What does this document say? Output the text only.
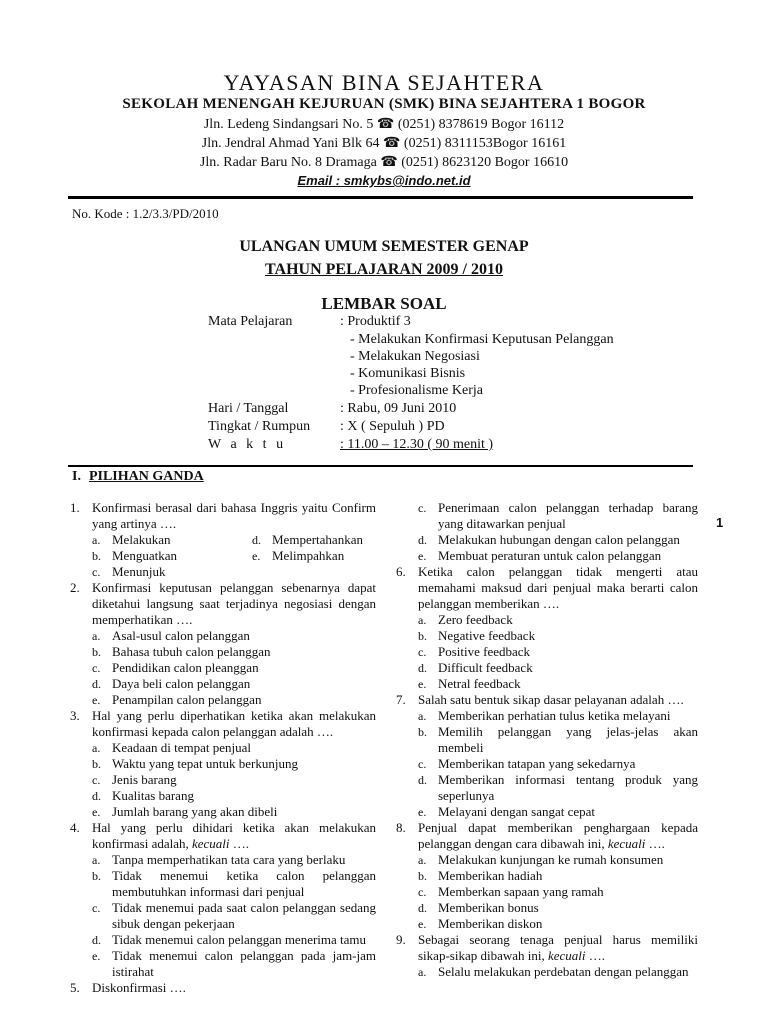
YAYASAN BINA SEJAHTERA
SEKOLAH MENENGAH KEJURUAN (SMK) BINA SEJAHTERA 1 BOGOR
Jln. Ledeng Sindangsari No. 5 ☎ (0251) 8378619 Bogor 16112
Jln. Jendral Ahmad Yani Blk 64 ☎ (0251) 8311153Bogor 16161
Jln. Radar Baru No. 8 Dramaga ☎ (0251) 8623120 Bogor 16610
Email : smkybs@indo.net.id
No. Kode : 1.2/3.3/PD/2010
ULANGAN UMUM SEMESTER GENAP
TAHUN PELAJARAN 2009 / 2010
LEMBAR SOAL
Mata Pelajaran	: Produktif 3
- Melakukan Konfirmasi Keputusan Pelanggan
- Melakukan Negosiasi
- Komunikasi Bisnis
- Profesionalisme Kerja
Hari / Tanggal	: Rabu, 09 Juni 2010
Tingkat / Rumpun : X ( Sepuluh ) PD
W a k t u	: 11.00 – 12.30 ( 90 menit )
I. PILIHAN GANDA
1
1. Konfirmasi berasal dari bahasa Inggris yaitu Confirm yang artinya ….
a. Melakukan	d. Mempertahankan
b. Menguatkan	e. Melimpahkan
c. Menunjuk
2. Konfirmasi keputusan pelanggan sebenarnya dapat diketahui langsung saat terjadinya negosiasi dengan memperhatikan ….
a. Asal-usul calon pelanggan
b. Bahasa tubuh calon pelanggan
c. Pendidikan calon pleanggan
d. Daya beli calon pelanggan
e. Penampilan calon pelanggan
3. Hal yang perlu diperhatikan ketika akan melakukan konfirmasi kepada calon pelanggan adalah ….
a. Keadaan di tempat penjual
b. Waktu yang tepat untuk berkunjung
c. Jenis barang
d. Kualitas barang
e. Jumlah barang yang akan dibeli
4. Hal yang perlu dihidari ketika akan melakukan konfirmasi adalah, kecuali ….
a. Tanpa memperhatikan tata cara yang berlaku
b. Tidak menemui ketika calon pelanggan membutuhkan informasi dari penjual
c. Tidak menemui pada saat calon pelanggan sedang sibuk dengan pekerjaan
d. Tidak menemui calon pelanggan menerima tamu
e. Tidak menemui calon pelanggan pada jam-jam istirahat
5. Diskonfirmasi ….
c. Penerimaan calon pelanggan terhadap barang yang ditawarkan penjual
d. Melakukan hubungan dengan calon pelanggan
e. Membuat peraturan untuk calon pelanggan
6. Ketika calon pelanggan tidak mengerti atau memahami maksud dari penjual maka berarti calon pelanggan memberikan ….
a. Zero feedback
b. Negative feedback
c. Positive feedback
d. Difficult feedback
e. Netral feedback
7. Salah satu bentuk sikap dasar pelayanan adalah ….
a. Memberikan perhatian tulus ketika melayani
b. Memilih pelanggan yang jelas-jelas akan membeli
c. Memberikan tatapan yang sekedarnya
d. Memberikan informasi tentang produk yang seperlunya
e. Melayani dengan sangat cepat
8. Penjual dapat memberikan penghargaan kepada pelanggan dengan cara dibawah ini, kecuali ….
a. Melakukan kunjungan ke rumah konsumen
b. Memberikan hadiah
c. Memberkan sapaan yang ramah
d. Memberikan bonus
e. Memberikan diskon
9. Sebagai seorang tenaga penjual harus memiliki sikap-sikap dibawah ini, kecuali ….
a. Selalu melakukan perdebatan dengan pelanggan
